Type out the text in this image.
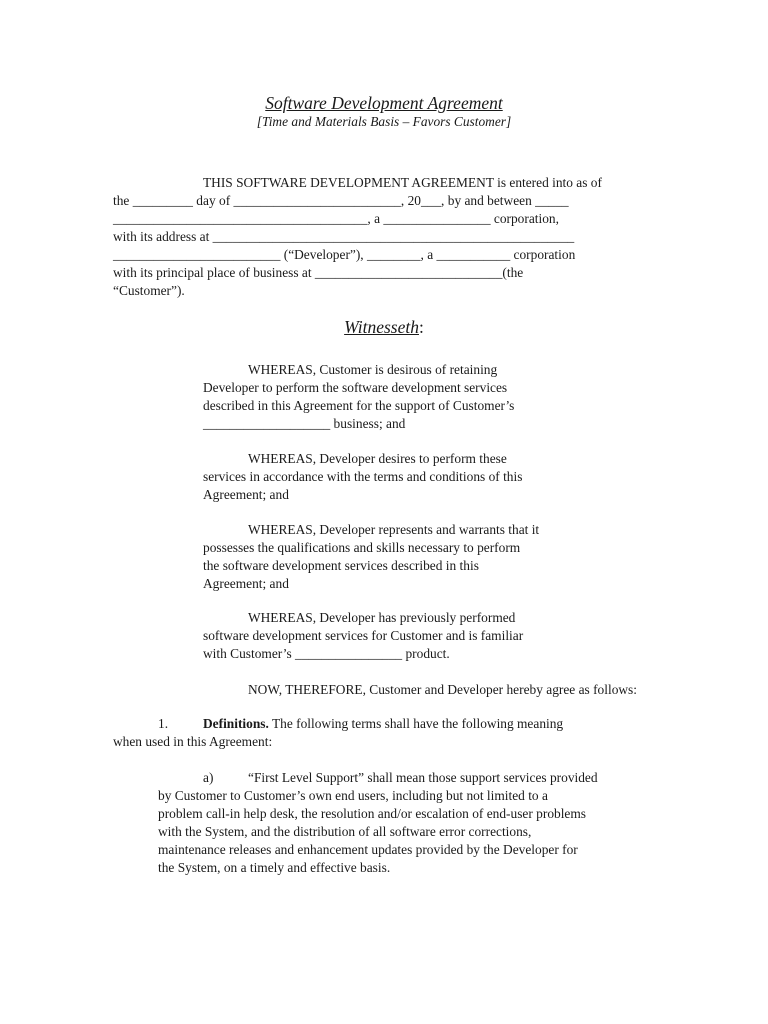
Software Development Agreement
[Time and Materials Basis – Favors Customer]
THIS SOFTWARE DEVELOPMENT AGREEMENT is entered into as of
the _________ day of _________________________, 20___, by and between _____
______________________________________, a ________________ corporation,
with its address at ______________________________________________________
_________________________ (“Developer”), ________, a ___________ corporation
with its principal place of business at ____________________________(the
“Customer”).
Witnesseth:
WHEREAS, Customer is desirous of retaining
Developer to perform the software development services
described in this Agreement for the support of Customer’s
___________________ business; and
WHEREAS, Developer desires to perform these
services in accordance with the terms and conditions of this
Agreement; and
WHEREAS, Developer represents and warrants that it
possesses the qualifications and skills necessary to perform
the software development services described in this
Agreement; and
WHEREAS, Developer has previously performed
software development services for Customer and is familiar
with Customer’s ________________ product.
NOW, THEREFORE, Customer and Developer hereby agree as follows:
1.	Definitions. The following terms shall have the following meaning
when used in this Agreement:
a)	“First Level Support” shall mean those support services provided
by Customer to Customer’s own end users, including but not limited to a
problem call-in help desk, the resolution and/or escalation of end-user problems
with the System, and the distribution of all software error corrections,
maintenance releases and enhancement updates provided by the Developer for
the System, on a timely and effective basis.
